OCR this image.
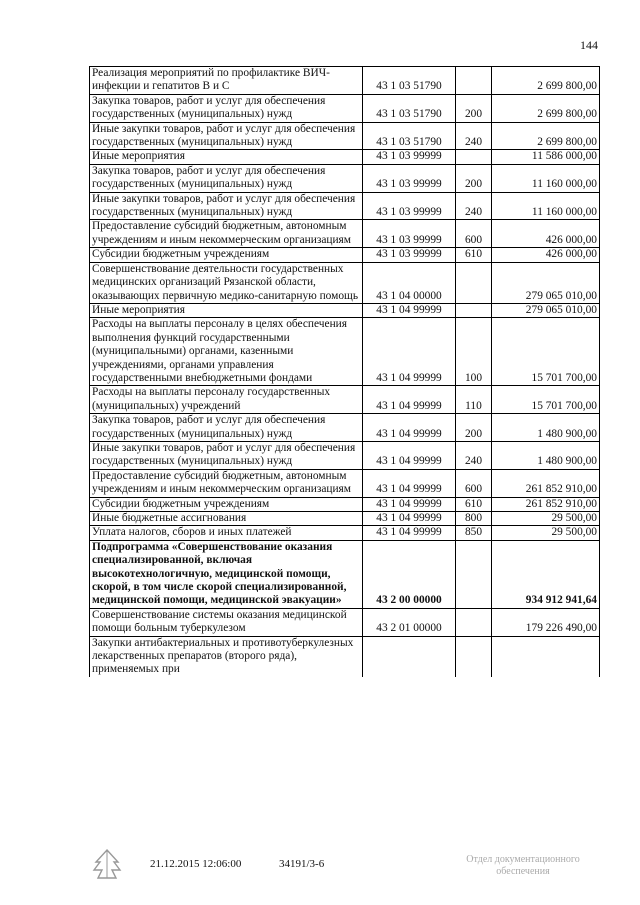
144
Реализация мероприятий по профилактике ВИЧ-инфекции и гепатитов B и C	43 1 03 51790		2 699 800,00
Закупка товаров, работ и услуг для обеспечения государственных (муниципальных) нужд	43 1 03 51790	200	2 699 800,00
Иные закупки товаров, работ и услуг для обеспечения государственных (муниципальных) нужд	43 1 03 51790	240	2 699 800,00
Иные мероприятия	43 1 03 99999		11 586 000,00
Закупка товаров, работ и услуг для обеспечения государственных (муниципальных) нужд	43 1 03 99999	200	11 160 000,00
Иные закупки товаров, работ и услуг для обеспечения государственных (муниципальных) нужд	43 1 03 99999	240	11 160 000,00
Предоставление субсидий бюджетным, автономным учреждениям и иным некоммерческим организациям	43 1 03 99999	600	426 000,00
Субсидии бюджетным учреждениям	43 1 03 99999	610	426 000,00
Совершенствование деятельности государственных медицинских организаций Рязанской области, оказывающих первичную медико-санитарную помощь	43 1 04 00000		279 065 010,00
Иные мероприятия	43 1 04 99999		279 065 010,00
Расходы на выплаты персоналу в целях обеспечения выполнения функций государственными (муниципальными) органами, казенными учреждениями, органами управления государственными внебюджетными фондами	43 1 04 99999	100	15 701 700,00
Расходы на выплаты персоналу государственных (муниципальных) учреждений	43 1 04 99999	110	15 701 700,00
Закупка товаров, работ и услуг для обеспечения государственных (муниципальных) нужд	43 1 04 99999	200	1 480 900,00
Иные закупки товаров, работ и услуг для обеспечения государственных (муниципальных) нужд	43 1 04 99999	240	1 480 900,00
Предоставление субсидий бюджетным, автономным учреждениям и иным некоммерческим организациям	43 1 04 99999	600	261 852 910,00
Субсидии бюджетным учреждениям	43 1 04 99999	610	261 852 910,00
Иные бюджетные ассигнования	43 1 04 99999	800	29 500,00
Уплата налогов, сборов и иных платежей	43 1 04 99999	850	29 500,00
Подпрограмма «Совершенствование оказания специализированной, включая высокотехнологичную, медицинской помощи, скорой, в том числе скорой специализированной, медицинской помощи, медицинской эвакуации»	43 2 00 00000		934 912 941,64
Совершенствование системы оказания медицинской помощи больным туберкулезом	43 2 01 00000		179 226 490,00
Закупки антибактериальных и противотуберкулезных лекарственных препаратов (второго ряда), применяемых при			
21.12.2015 12:06:00	34191/3-6	Отдел документационного
обеспечения
